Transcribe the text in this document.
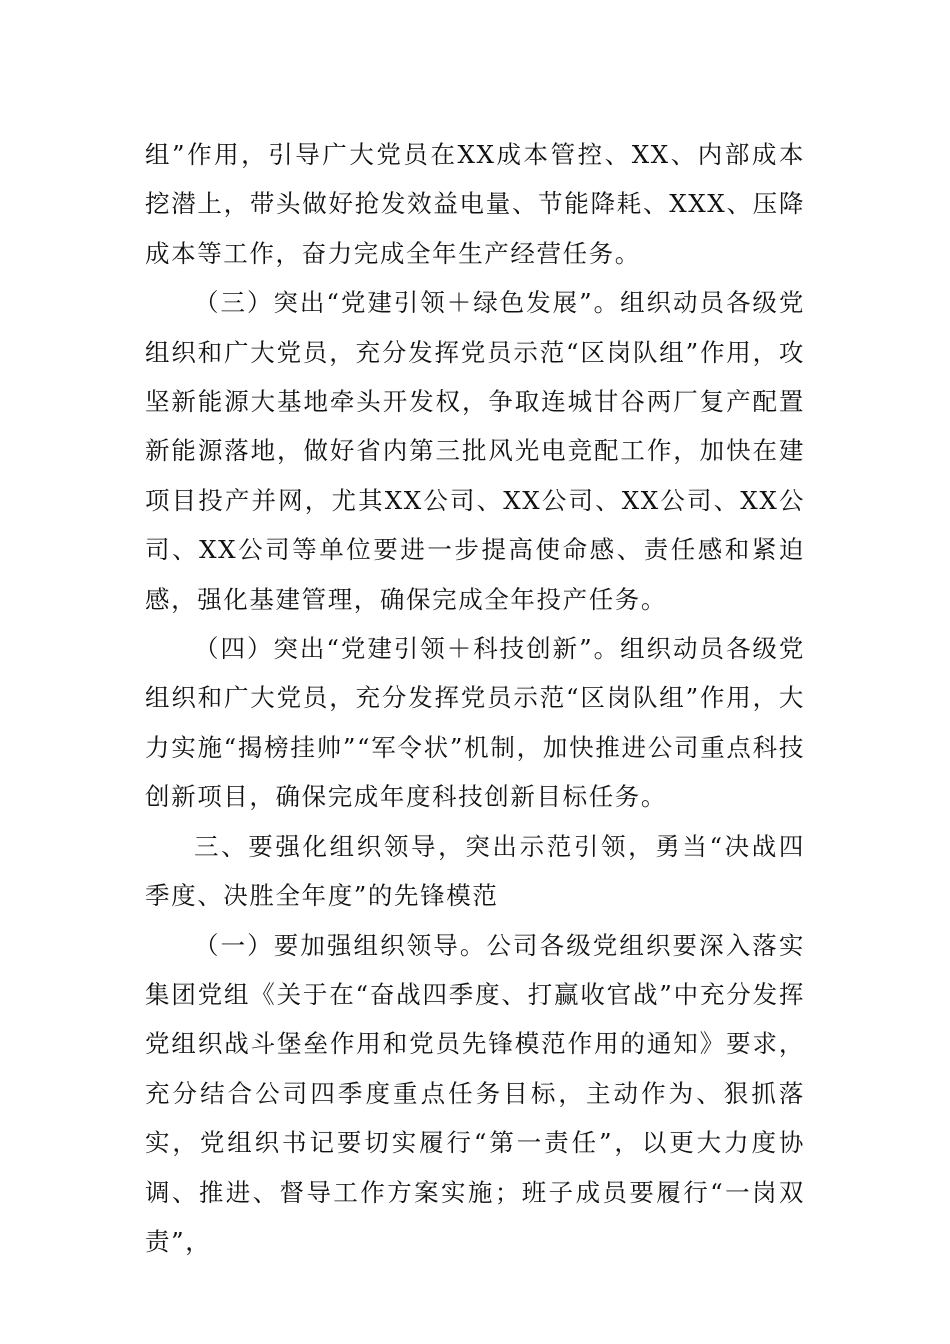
组”作用，引导广大党员在XX成本管控、XX、内部成本挖潜上，带头做好抢发效益电量、节能降耗、XXX、压降成本等工作，奋力完成全年生产经营任务。

（三）突出“党建引领＋绿色发展”。组织动员各级党组织和广大党员，充分发挥党员示范“区岗队组”作用，攻坚新能源大基地牵头开发权，争取连城甘谷两厂复产配置新能源落地，做好省内第三批风光电竞配工作，加快在建项目投产并网，尤其XX公司、XX公司、XX公司、XX公司、XX公司等单位要进一步提高使命感、责任感和紧迫感，强化基建管理，确保完成全年投产任务。

（四）突出“党建引领＋科技创新”。组织动员各级党组织和广大党员，充分发挥党员示范“区岗队组”作用，大力实施“揭榜挂帅”“军令状”机制，加快推进公司重点科技创新项目，确保完成年度科技创新目标任务。

三、要强化组织领导，突出示范引领，勇当“决战四季度、决胜全年度”的先锋模范

（一）要加强组织领导。公司各级党组织要深入落实集团党组《关于在“奋战四季度、打赢收官战”中充分发挥党组织战斗堡垒作用和党员先锋模范作用的通知》要求，充分结合公司四季度重点任务目标，主动作为、狠抓落实，党组织书记要切实履行“第一责任”，以更大力度协调、推进、督导工作方案实施；班子成员要履行“一岗双责”，
